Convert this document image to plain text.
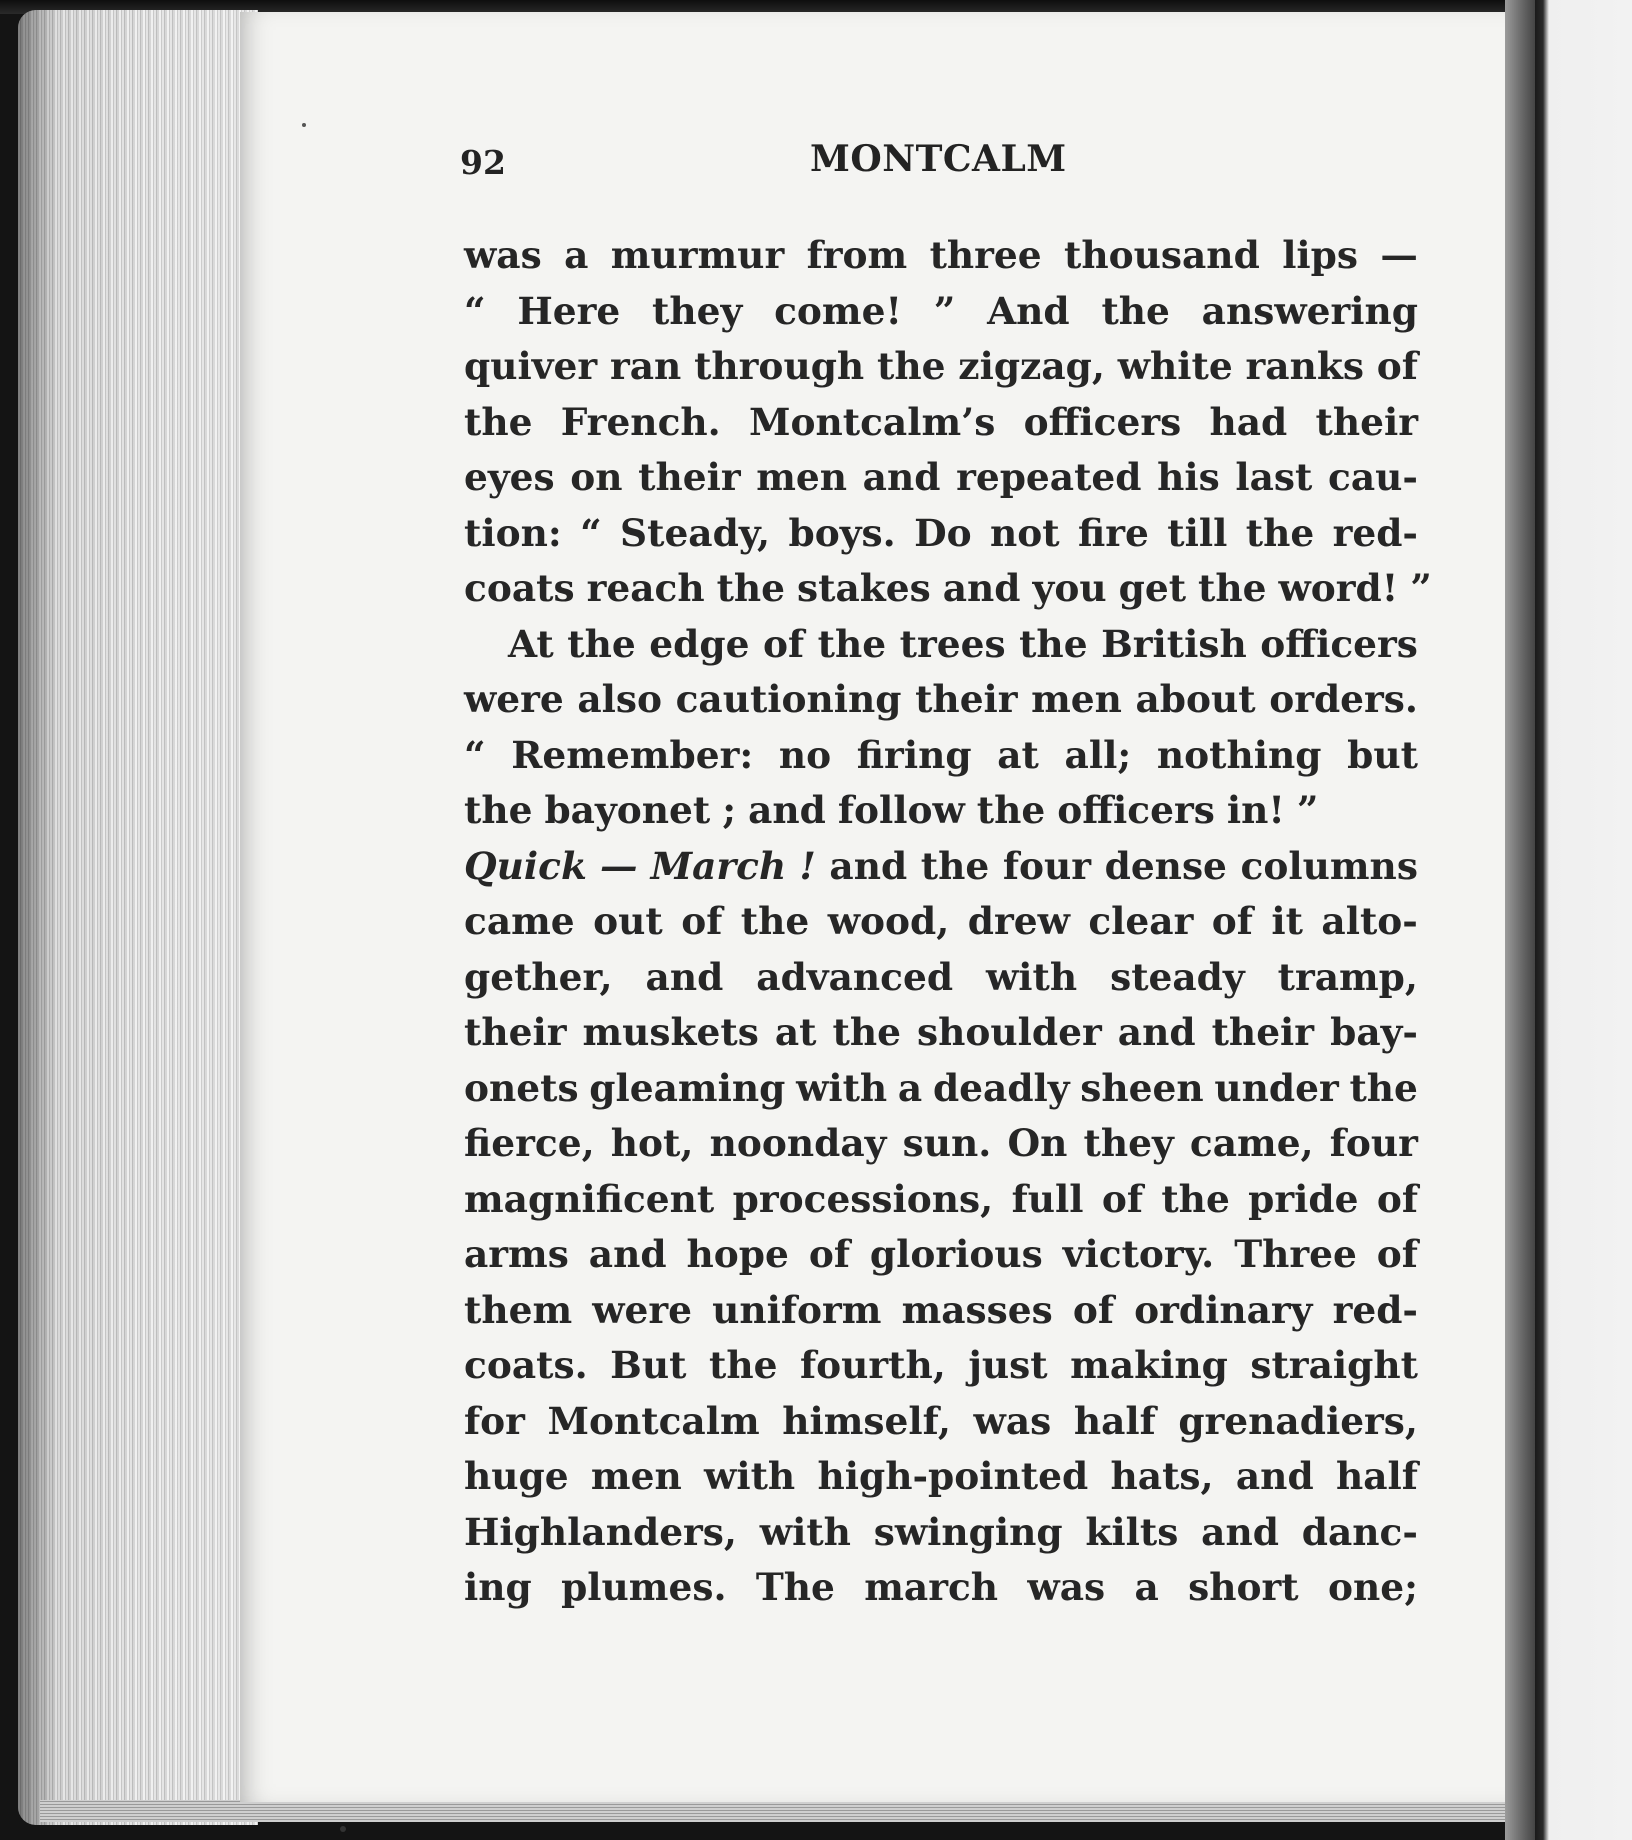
92	MONTCALM
was a murmur from three thousand lips —
“ Here they come! ” And the answering
quiver ran through the zigzag, white ranks of
the French. Montcalm’s officers had their
eyes on their men and repeated his last cau-
tion: “ Steady, boys. Do not fire till the red-
coats reach the stakes and you get the word! ”
At the edge of the trees the British officers
were also cautioning their men about orders.
“ Remember: no firing at all; nothing but
the bayonet ; and follow the officers in! ”
Quick — March ! and the four dense columns
came out of the wood, drew clear of it alto-
gether, and advanced with steady tramp,
their muskets at the shoulder and their bay-
onets gleaming with a deadly sheen under the
fierce, hot, noonday sun. On they came, four
magnificent processions, full of the pride of
arms and hope of glorious victory. Three of
them were uniform masses of ordinary red-
coats. But the fourth, just making straight
for Montcalm himself, was half grenadiers,
huge men with high-pointed hats, and half
Highlanders, with swinging kilts and danc-
ing plumes. The march was a short one;
